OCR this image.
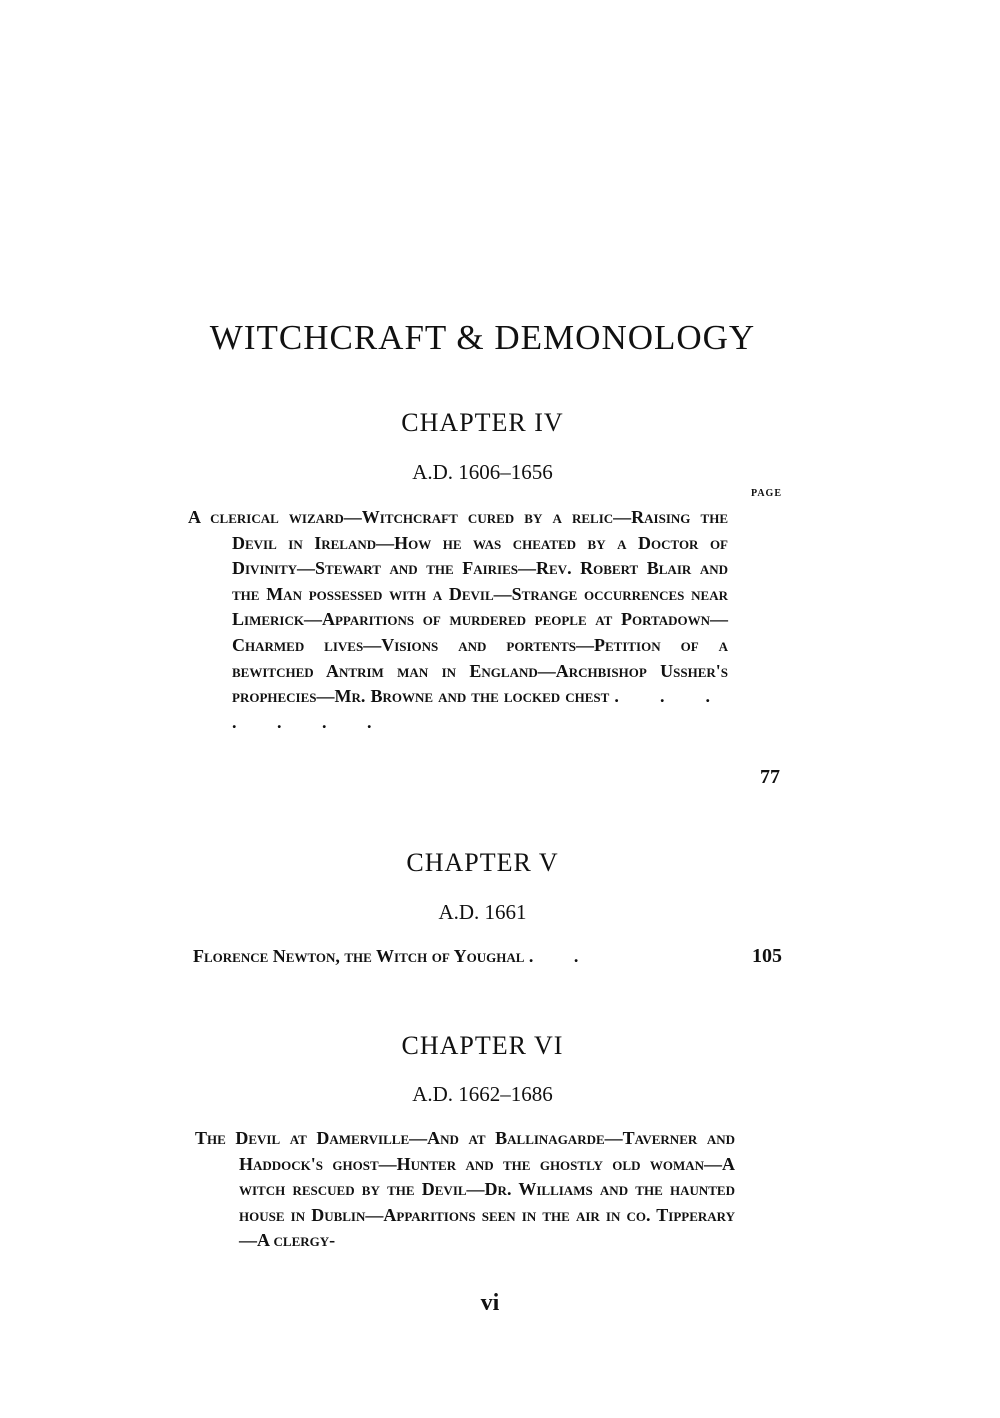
WITCHCRAFT & DEMONOLOGY
CHAPTER IV
A.D. 1606–1656
PAGE
A clerical wizard—Witchcraft cured by a relic—Raising the Devil in Ireland—How he was cheated by a Doctor of Divinity—Stewart and the Fairies—Rev. Robert Blair and the Man possessed with a Devil—Strange occurrences near Limerick—Apparitions of murdered people at Portadown—Charmed lives—Visions and portents—Petition of a bewitched Antrim man in England—Archbishop Ussher's prophecies—Mr. Browne and the locked chest . . . . . . .
77
CHAPTER V
A.D. 1661
Florence Newton, the Witch of Youghal . .	105
CHAPTER VI
A.D. 1662–1686
The Devil at Damerville—And at Ballinagarde—Taverner and Haddock's ghost—Hunter and the ghostly old woman—A witch rescued by the Devil—Dr. Williams and the haunted house in Dublin—Apparitions seen in the air in co. Tipperary—A clergy-
vi
